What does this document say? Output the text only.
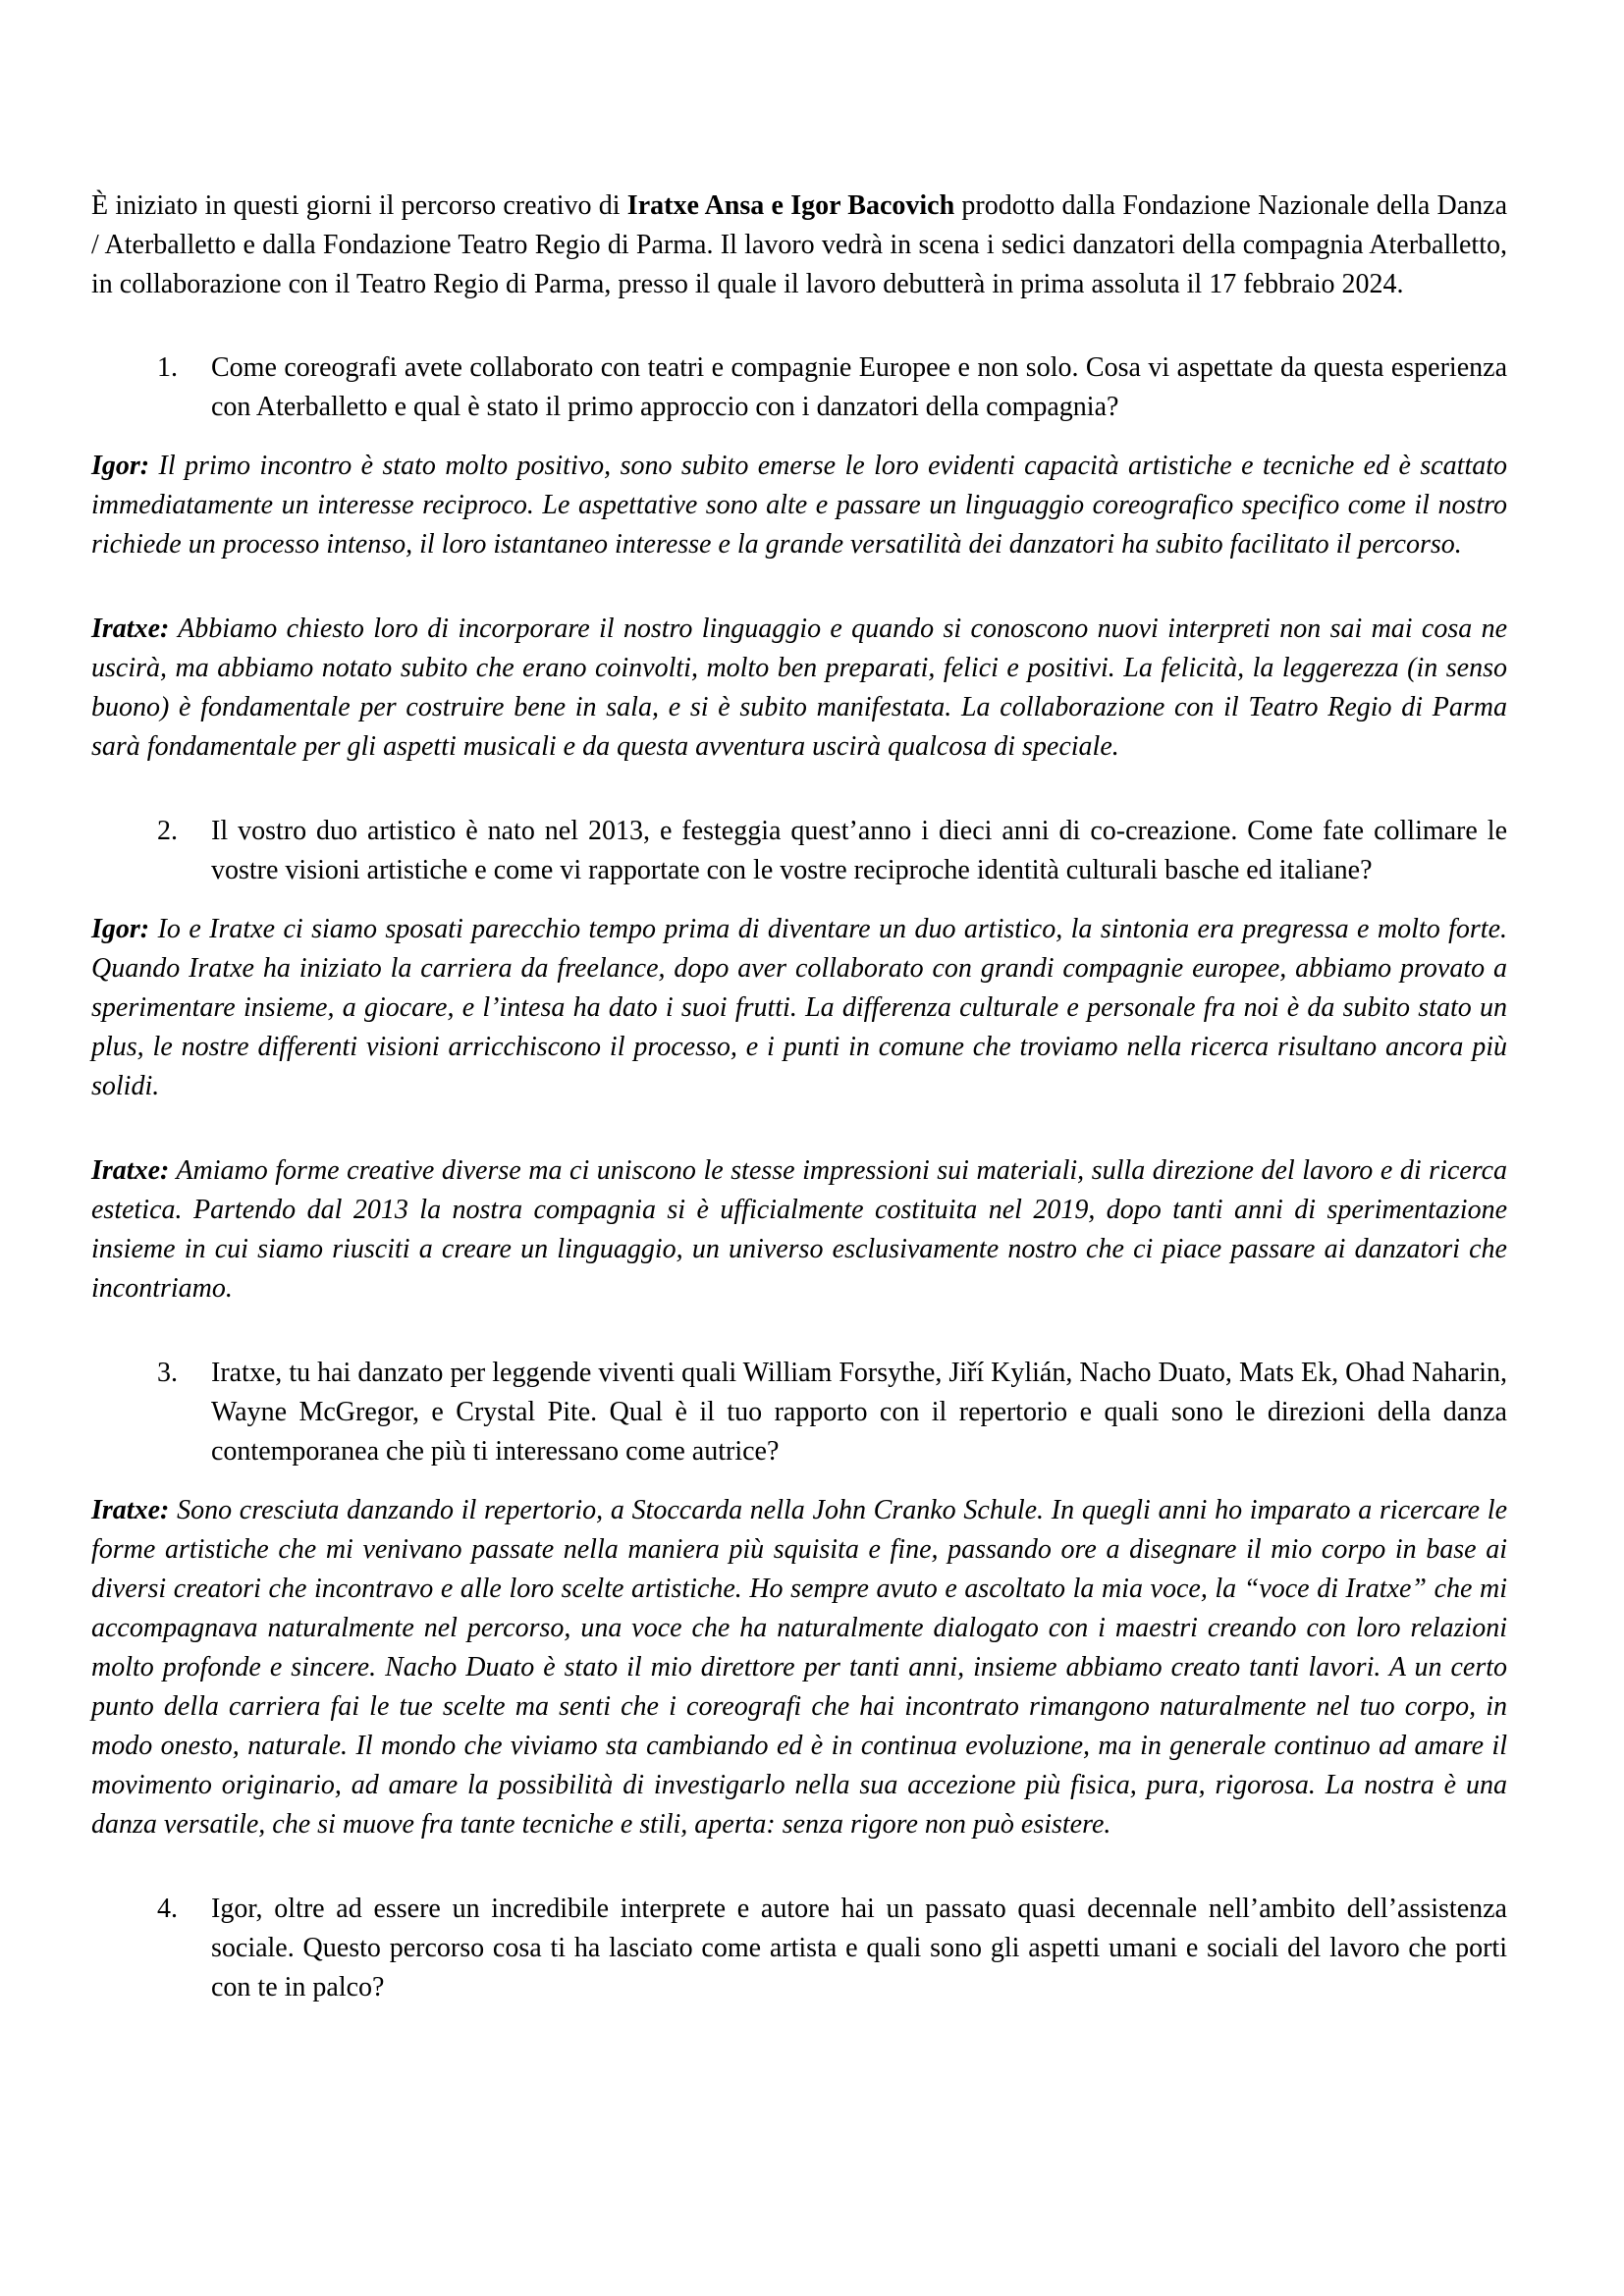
È iniziato in questi giorni il percorso creativo di Iratxe Ansa e Igor Bacovich prodotto dalla Fondazione Nazionale della Danza / Aterballetto e dalla Fondazione Teatro Regio di Parma. Il lavoro vedrà in scena i sedici danzatori della compagnia Aterballetto, in collaborazione con il Teatro Regio di Parma, presso il quale il lavoro debutterà in prima assoluta il 17 febbraio 2024.

1. Come coreografi avete collaborato con teatri e compagnie Europee e non solo. Cosa vi aspettate da questa esperienza con Aterballetto e qual è stato il primo approccio con i danzatori della compagnia?

Igor: Il primo incontro è stato molto positivo, sono subito emerse le loro evidenti capacità artistiche e tecniche ed è scattato immediatamente un interesse reciproco. Le aspettative sono alte e passare un linguaggio coreografico specifico come il nostro richiede un processo intenso, il loro istantaneo interesse e la grande versatilità dei danzatori ha subito facilitato il percorso.

Iratxe: Abbiamo chiesto loro di incorporare il nostro linguaggio e quando si conoscono nuovi interpreti non sai mai cosa ne uscirà, ma abbiamo notato subito che erano coinvolti, molto ben preparati, felici e positivi. La felicità, la leggerezza (in senso buono) è fondamentale per costruire bene in sala, e si è subito manifestata. La collaborazione con il Teatro Regio di Parma sarà fondamentale per gli aspetti musicali e da questa avventura uscirà qualcosa di speciale.

2. Il vostro duo artistico è nato nel 2013, e festeggia quest’anno i dieci anni di co-creazione. Come fate collimare le vostre visioni artistiche e come vi rapportate con le vostre reciproche identità culturali basche ed italiane?

Igor: Io e Iratxe ci siamo sposati parecchio tempo prima di diventare un duo artistico, la sintonia era pregressa e molto forte. Quando Iratxe ha iniziato la carriera da freelance, dopo aver collaborato con grandi compagnie europee, abbiamo provato a sperimentare insieme, a giocare, e l’intesa ha dato i suoi frutti. La differenza culturale e personale fra noi è da subito stato un plus, le nostre differenti visioni arricchiscono il processo, e i punti in comune che troviamo nella ricerca risultano ancora più solidi.

Iratxe: Amiamo forme creative diverse ma ci uniscono le stesse impressioni sui materiali, sulla direzione del lavoro e di ricerca estetica. Partendo dal 2013 la nostra compagnia si è ufficialmente costituita nel 2019, dopo tanti anni di sperimentazione insieme in cui siamo riusciti a creare un linguaggio, un universo esclusivamente nostro che ci piace passare ai danzatori che incontriamo.

3. Iratxe, tu hai danzato per leggende viventi quali William Forsythe, Jiří Kylián, Nacho Duato, Mats Ek, Ohad Naharin, Wayne McGregor, e Crystal Pite. Qual è il tuo rapporto con il repertorio e quali sono le direzioni della danza contemporanea che più ti interessano come autrice?

Iratxe: Sono cresciuta danzando il repertorio, a Stoccarda nella John Cranko Schule. In quegli anni ho imparato a ricercare le forme artistiche che mi venivano passate nella maniera più squisita e fine, passando ore a disegnare il mio corpo in base ai diversi creatori che incontravo e alle loro scelte artistiche. Ho sempre avuto e ascoltato la mia voce, la “voce di Iratxe” che mi accompagnava naturalmente nel percorso, una voce che ha naturalmente dialogato con i maestri creando con loro relazioni molto profonde e sincere. Nacho Duato è stato il mio direttore per tanti anni, insieme abbiamo creato tanti lavori. A un certo punto della carriera fai le tue scelte ma senti che i coreografi che hai incontrato rimangono naturalmente nel tuo corpo, in modo onesto, naturale. Il mondo che viviamo sta cambiando ed è in continua evoluzione, ma in generale continuo ad amare il movimento originario, ad amare la possibilità di investigarlo nella sua accezione più fisica, pura, rigorosa. La nostra è una danza versatile, che si muove fra tante tecniche e stili, aperta: senza rigore non può esistere.

4. Igor, oltre ad essere un incredibile interprete e autore hai un passato quasi decennale nell’ambito dell’assistenza sociale. Questo percorso cosa ti ha lasciato come artista e quali sono gli aspetti umani e sociali del lavoro che porti con te in palco?
